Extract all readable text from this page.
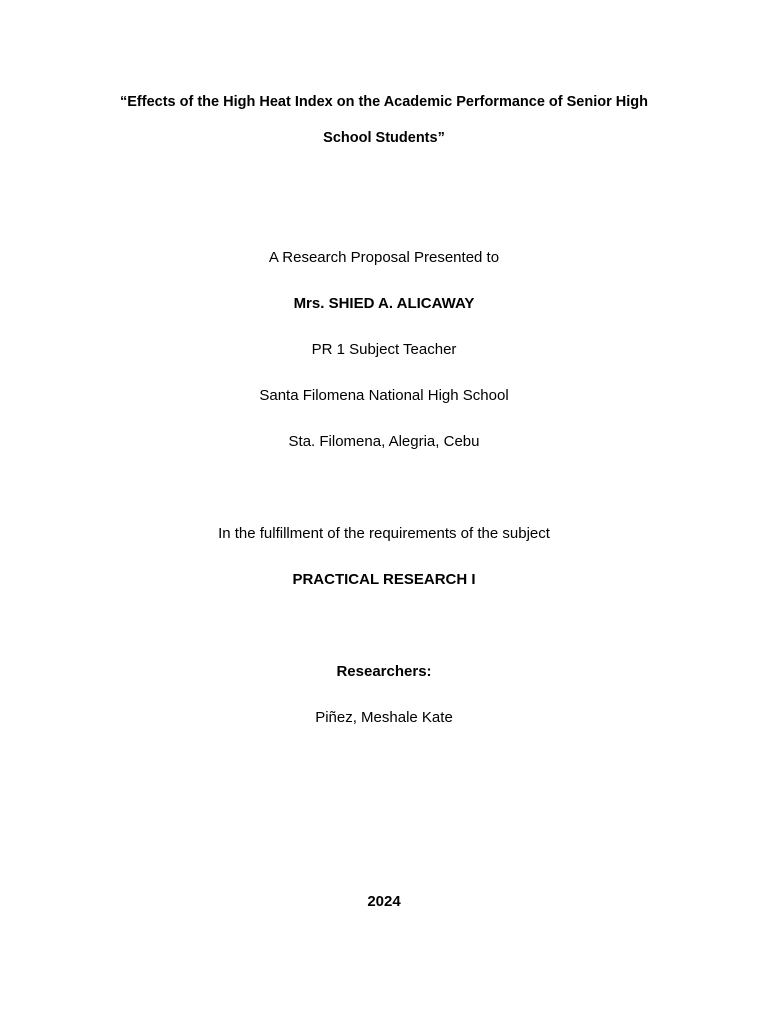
“Effects of the High Heat Index on the Academic Performance of Senior High
School Students”
A Research Proposal Presented to
Mrs. SHIED A. ALICAWAY
PR 1 Subject Teacher
Santa Filomena National High School
Sta. Filomena, Alegria, Cebu
In the fulfillment of the requirements of the subject
PRACTICAL RESEARCH I
Researchers:
Piñez, Meshale Kate
2024
